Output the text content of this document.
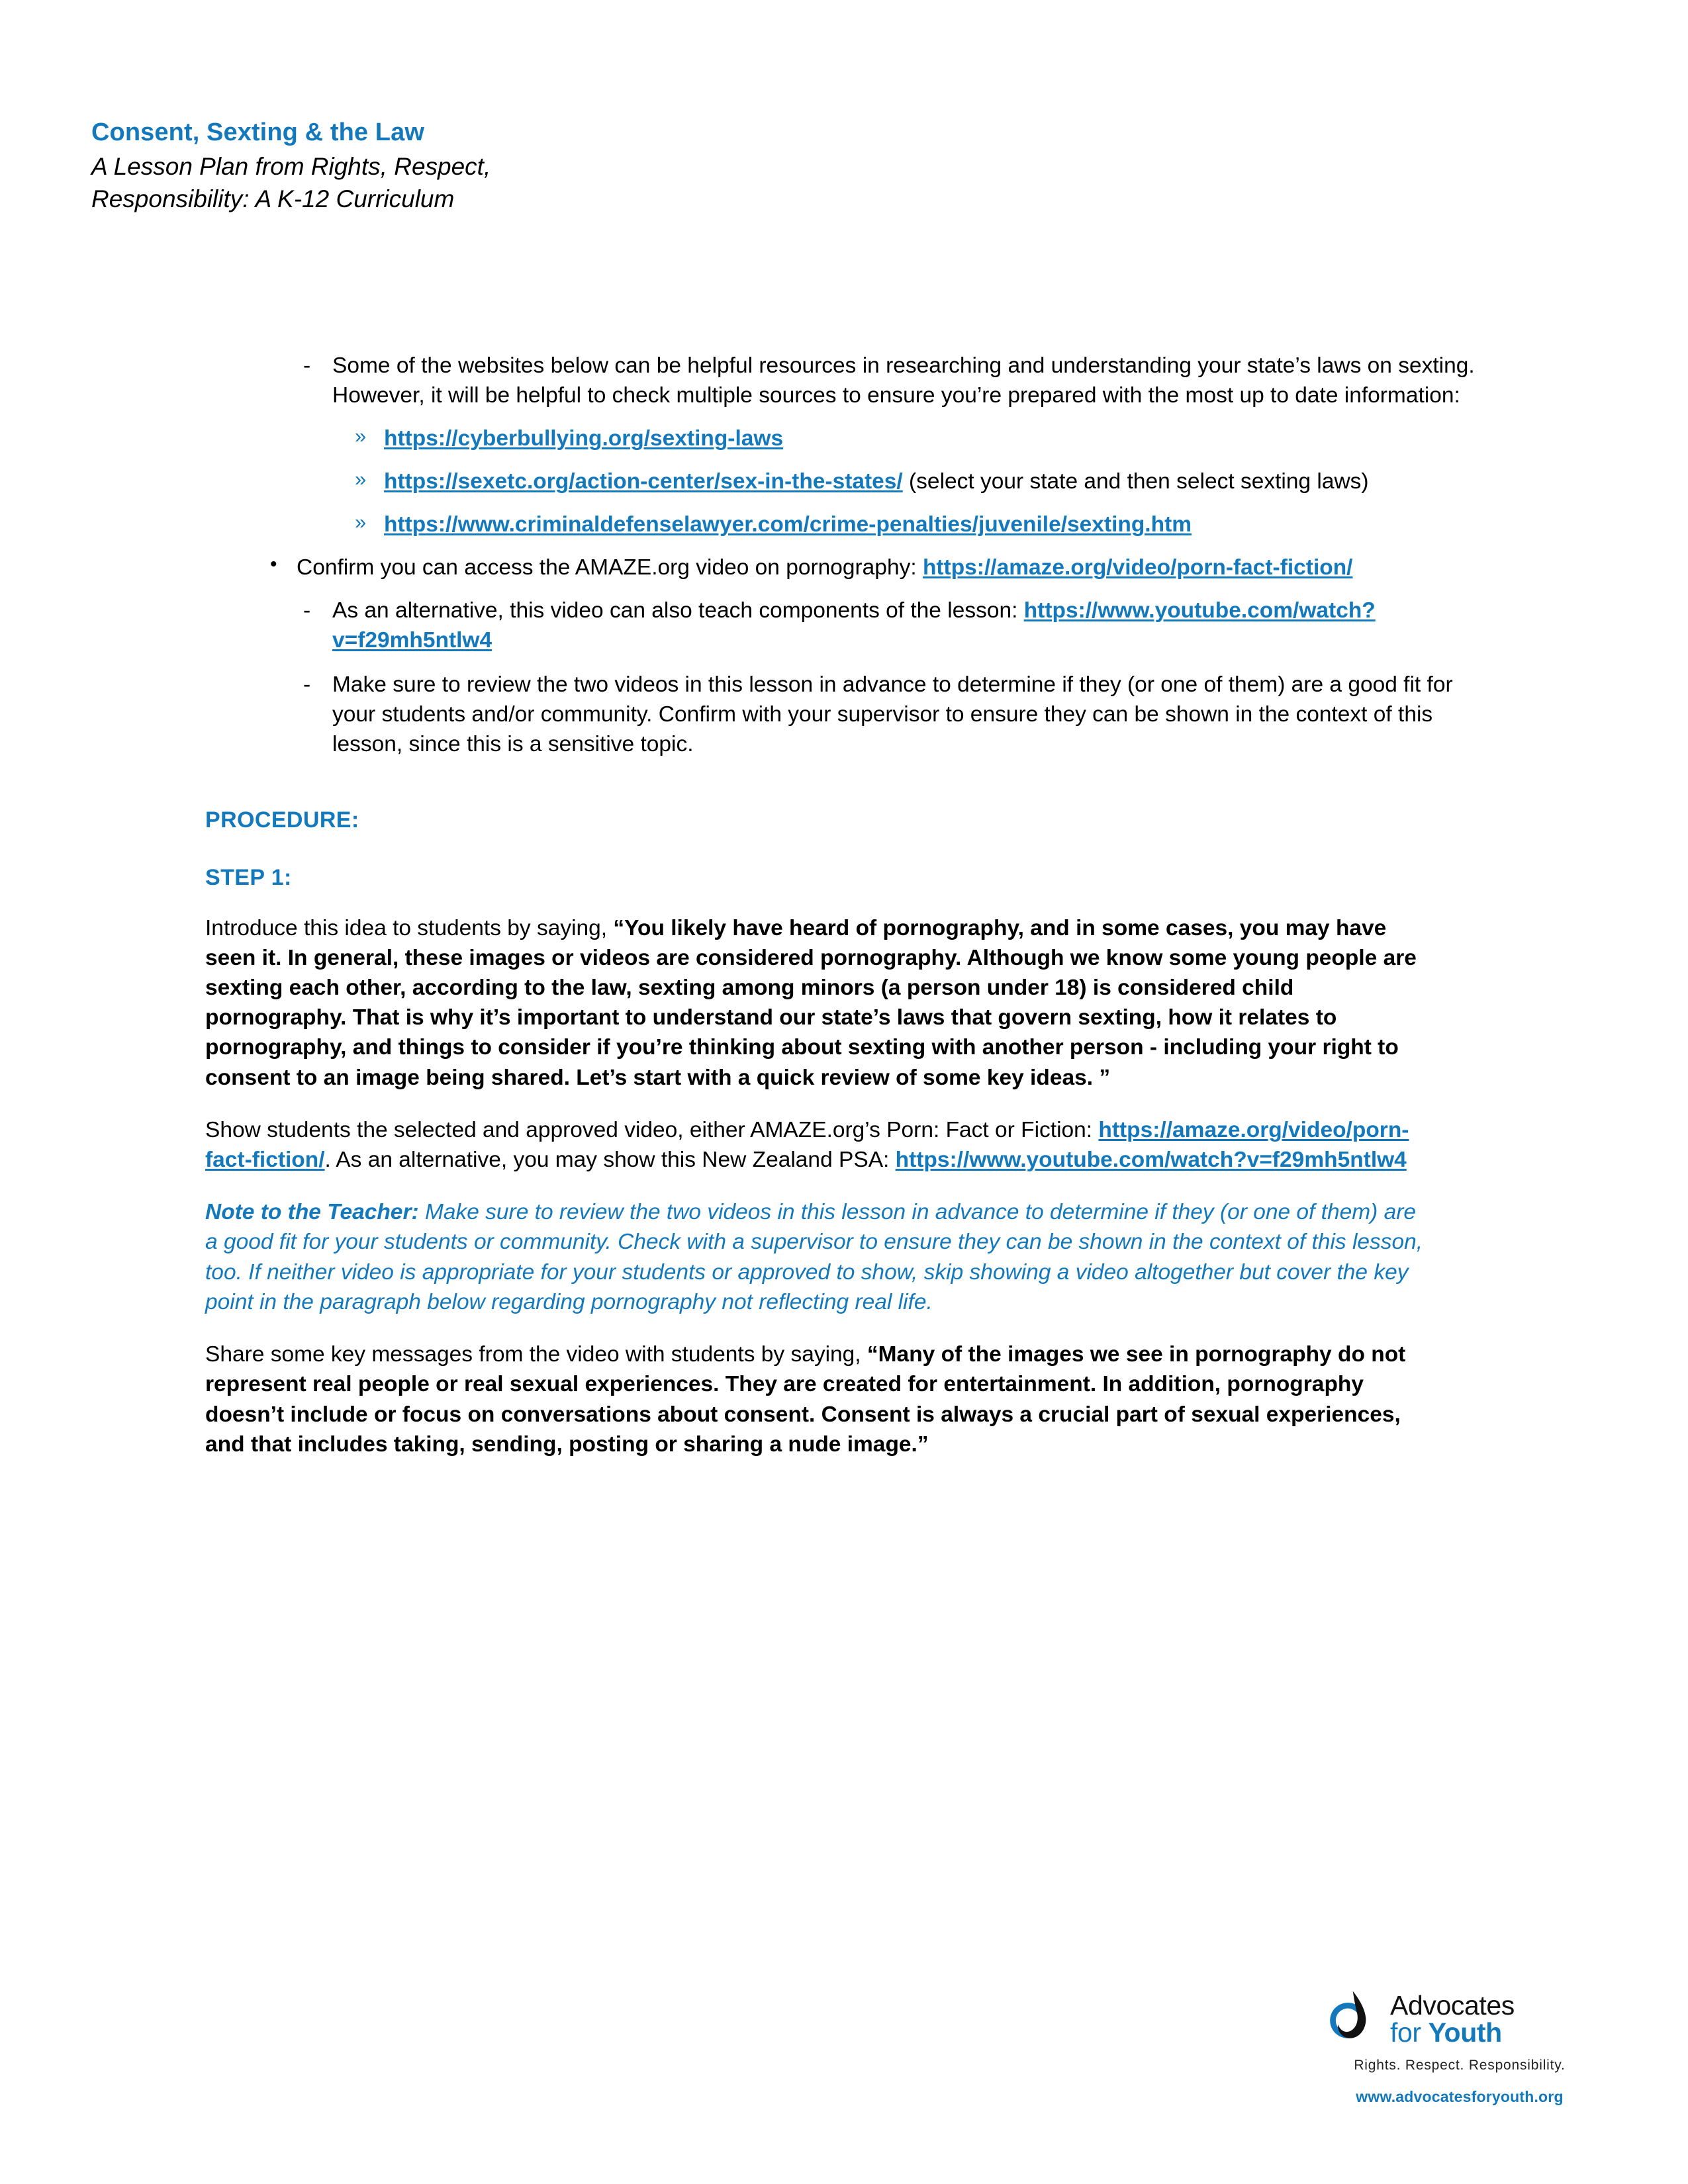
Consent, Sexting & the Law
A Lesson Plan from Rights, Respect,
Responsibility: A K-12 Curriculum

- Some of the websites below can be helpful resources in researching and understanding your state’s laws on sexting. However, it will be helpful to check multiple sources to ensure you’re prepared with the most up to date information:

» https://cyberbullying.org/sexting-laws

» https://sexetc.org/action-center/sex-in-the-states/ (select your state and then select sexting laws)

» https://www.criminaldefenselawyer.com/crime-penalties/juvenile/sexting.htm

• Confirm you can access the AMAZE.org video on pornography: https://amaze.org/video/porn-fact-fiction/

- As an alternative, this video can also teach components of the lesson: https://www.youtube.com/watch?v=f29mh5ntlw4

- Make sure to review the two videos in this lesson in advance to determine if they (or one of them) are a good fit for your students and/or community. Confirm with your supervisor to ensure they can be shown in the context of this lesson, since this is a sensitive topic.

PROCEDURE:

STEP 1:

Introduce this idea to students by saying, “You likely have heard of pornography, and in some cases, you may have seen it. In general, these images or videos are considered pornography. Although we know some young people are sexting each other, according to the law, sexting among minors (a person under 18) is considered child pornography. That is why it’s important to understand our state’s laws that govern sexting, how it relates to pornography, and things to consider if you’re thinking about sexting with another person - including your right to consent to an image being shared. Let’s start with a quick review of some key ideas. ”

Show students the selected and approved video, either AMAZE.org’s Porn: Fact or Fiction: https://amaze.org/video/porn-fact-fiction/. As an alternative, you may show this New Zealand PSA: https://www.youtube.com/watch?v=f29mh5ntlw4

Note to the Teacher: Make sure to review the two videos in this lesson in advance to determine if they (or one of them) are a good fit for your students or community. Check with a supervisor to ensure they can be shown in the context of this lesson, too. If neither video is appropriate for your students or approved to show, skip showing a video altogether but cover the key point in the paragraph below regarding pornography not reflecting real life.

Share some key messages from the video with students by saying, “Many of the images we see in pornography do not represent real people or real sexual experiences. They are created for entertainment. In addition, pornography doesn’t include or focus on conversations about consent. Consent is always a crucial part of sexual experiences, and that includes taking, sending, posting or sharing a nude image.”

Advocates
for Youth
Rights. Respect. Responsibility.
www.advocatesforyouth.org
